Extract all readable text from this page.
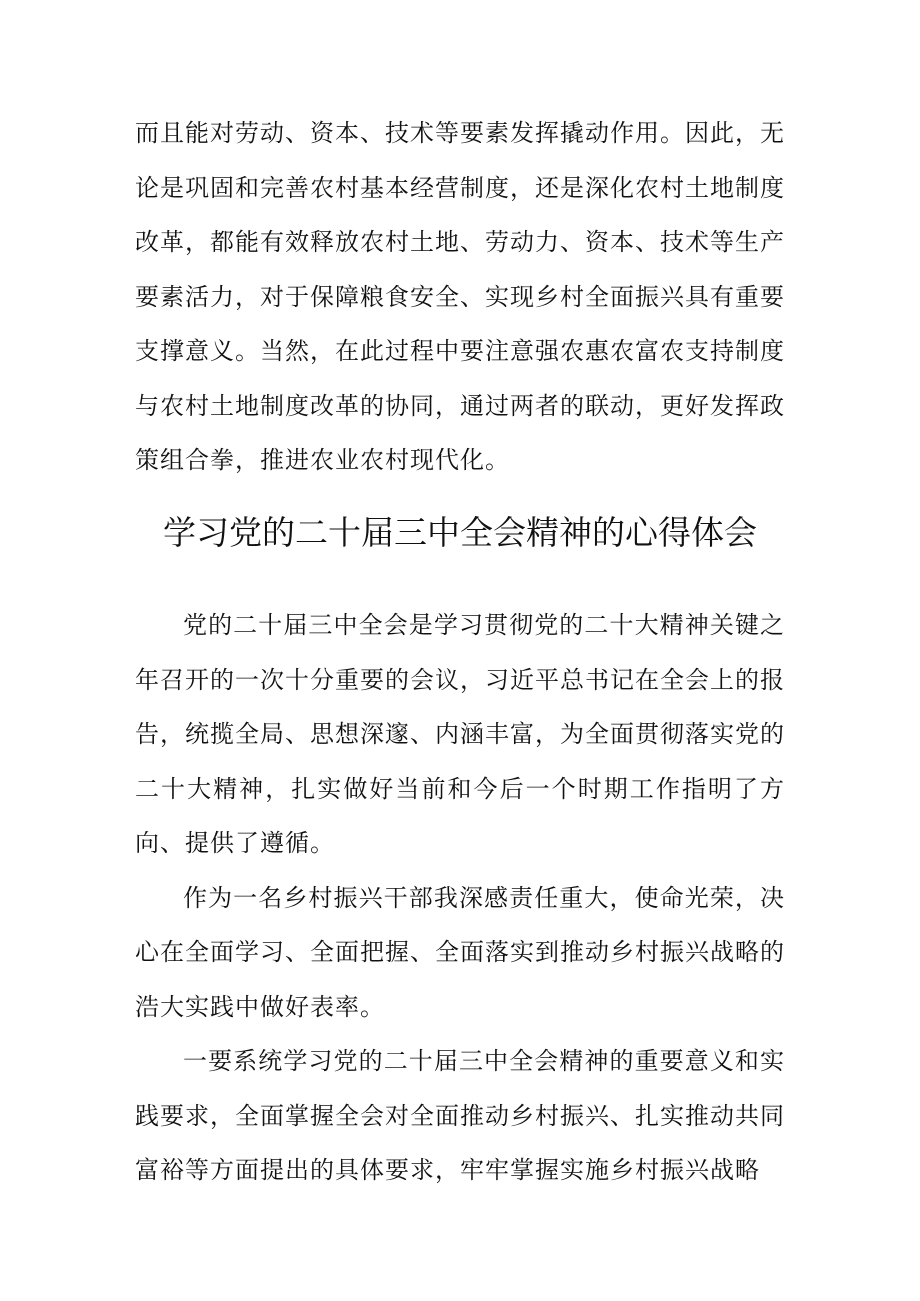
而且能对劳动、资本、技术等要素发挥撬动作用。因此，无论是巩固和完善农村基本经营制度，还是深化农村土地制度改革，都能有效释放农村土地、劳动力、资本、技术等生产要素活力，对于保障粮食安全、实现乡村全面振兴具有重要支撑意义。当然，在此过程中要注意强农惠农富农支持制度与农村土地制度改革的协同，通过两者的联动，更好发挥政策组合拳，推进农业农村现代化。

学习党的二十届三中全会精神的心得体会

党的二十届三中全会是学习贯彻党的二十大精神关键之年召开的一次十分重要的会议，习近平总书记在全会上的报告，统揽全局、思想深邃、内涵丰富，为全面贯彻落实党的二十大精神，扎实做好当前和今后一个时期工作指明了方向、提供了遵循。

作为一名乡村振兴干部我深感责任重大，使命光荣，决心在全面学习、全面把握、全面落实到推动乡村振兴战略的浩大实践中做好表率。

一要系统学习党的二十届三中全会精神的重要意义和实践要求，全面掌握全会对全面推动乡村振兴、扎实推动共同富裕等方面提出的具体要求，牢牢掌握实施乡村振兴战略
